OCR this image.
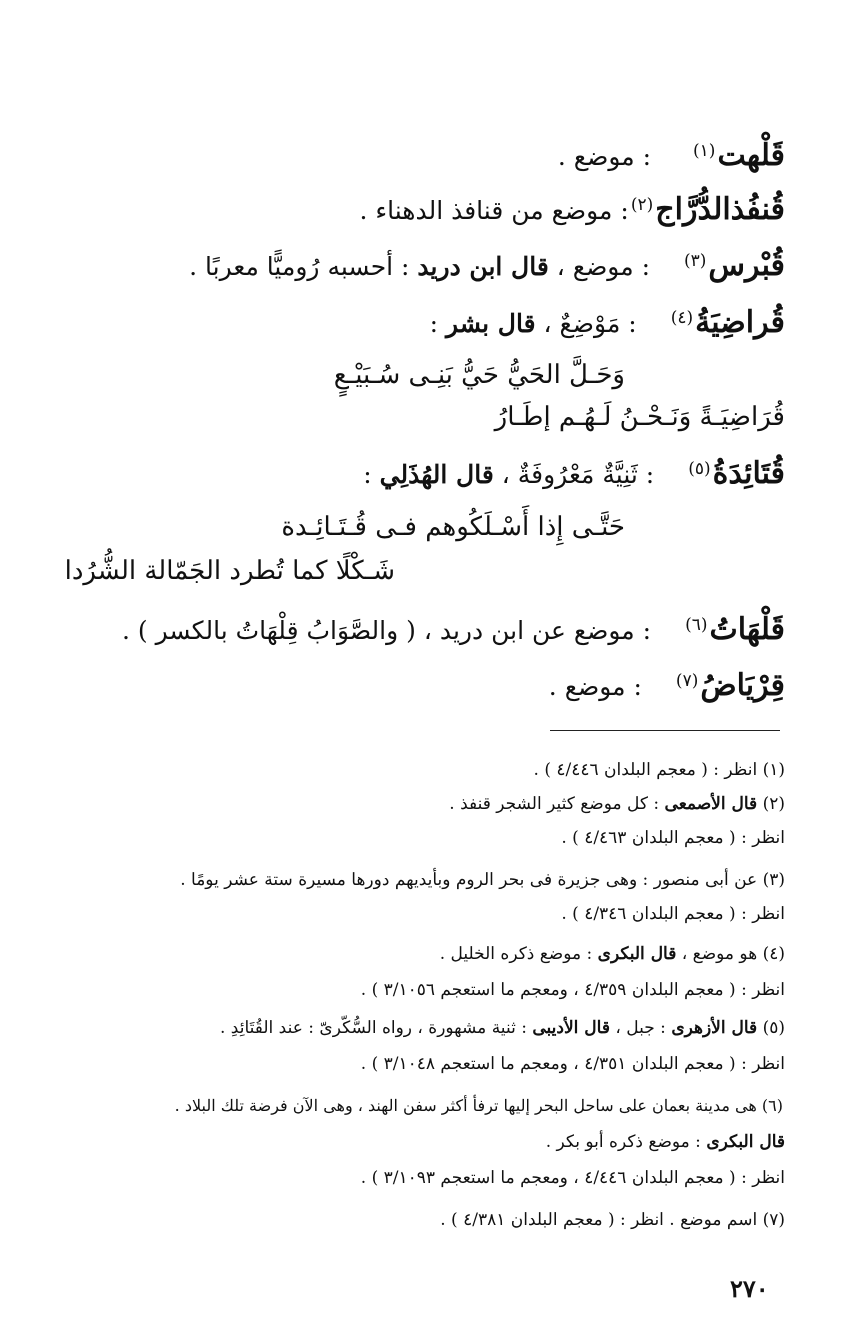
قَلْهت$^{(١)}$: موضع .
قُنفُذالدُّرَّاج$^{(٢)}$: موضع من قنافذ الدهناء .
قُبْرس$^{(٣)}$: موضع ، قال ابن دريد : أحسبه رُوميًّا معربًا .
قُراضِيَةُ$^{(٤)}$: مَوْضِعٌ ، قال بشر :
وَحَـلَّ الحَيُّ حَيُّ بَنِـى سُـبَيْـعٍ
قُرَاضِيَـةً وَنَـحْـنُ لَـهُـم إطَـارُ
قُتَائِدَةُ$^{(٥)}$: ثَنِيَّةٌ مَعْرُوفَةٌ ، قال الهُذَلِي :
حَتَّـى إِذا أَسْـلَكُوهم فـى قُـتَـائِـدة
شَـكْلًا كما تُطرد الجَمّالة الشُّرُدا
قَلْهَاتُ$^{(٦)}$: موضع عن ابن دريد ، ( والصَّوَابُ قِلْهَاتُ بالكسر ) .
قِرْيَاضُ$^{(٧)}$: موضع .
(١) انظر : ( معجم البلدان ٤/٤٤٦ ) .
(٢) قال الأصمعى : كل موضع كثير الشجر قنفذ .
انظر : ( معجم البلدان ٤/٤٦٣ ) .
(٣) عن أبى منصور : وهى جزيرة فى بحر الروم وبأيديهم دورها مسيرة ستة عشر يومًا .
انظر : ( معجم البلدان ٤/٣٤٦ ) .
(٤) هو موضع ، قال البكرى : موضع ذكره الخليل .
انظر : ( معجم البلدان ٤/٣٥٩ ، ومعجم ما استعجم ٣/١٠٥٦ ) .
(٥) قال الأزهرى : جبل ، قال الأديبى : ثنية مشهورة ، رواه السُّكّرىّ : عند القُتَائِدِ .
انظر : ( معجم البلدان ٤/٣٥١ ، ومعجم ما استعجم ٣/١٠٤٨ ) .
(٦) هى مدينة بعمان على ساحل البحر إليها ترفأ أكثر سفن الهند ، وهى الآن فرضة تلك البلاد .
قال البكرى : موضع ذكره أبو بكر .
انظر : ( معجم البلدان ٤/٤٤٦ ، ومعجم ما استعجم ٣/١٠٩٣ ) .
(٧) اسم موضع . انظر : ( معجم البلدان ٤/٣٨١ ) .
٢٧٠
